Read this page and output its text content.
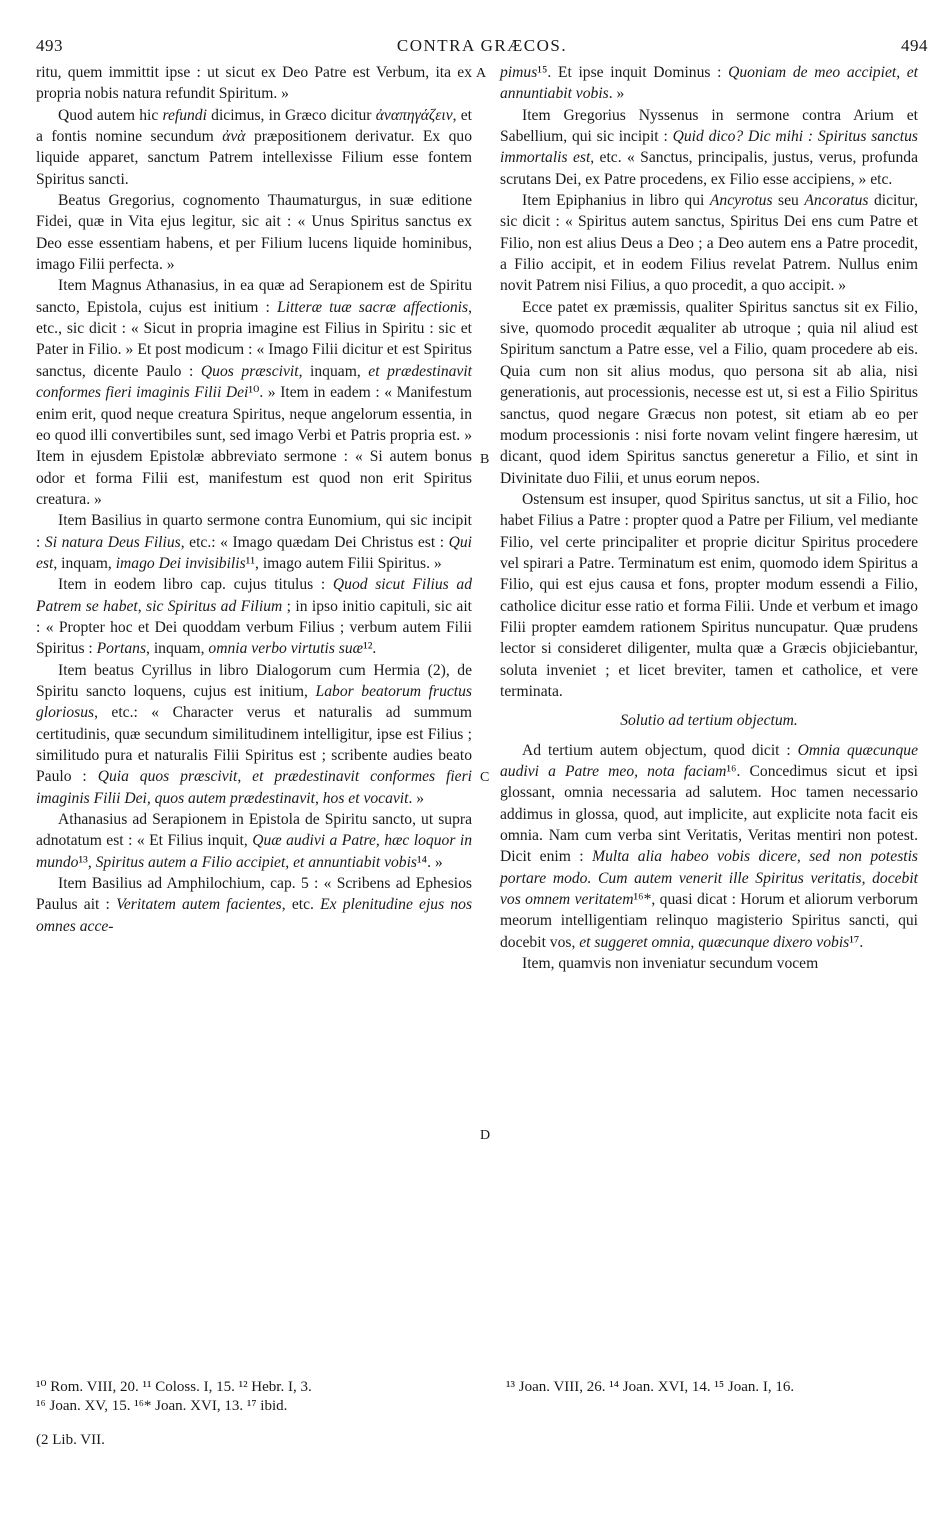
493	CONTRA GRÆCOS.	494
A
B
C
D

ritu, quem immittit ipse : ut sicut ex Deo Patre est Verbum, ita ex propria nobis natura refundit Spiritum. »

Quod autem hic refundi dicimus, in Græco dicitur ἀναπηγάζειν, et a fontis nomine secundum ἀνὰ præpositionem derivatur. Ex quo liquide apparet, sanctum Patrem intellexisse Filium esse fontem Spiritus sancti.

Beatus Gregorius, cognomento Thaumaturgus, in suæ editione Fidei, quæ in Vita ejus legitur, sic ait : « Unus Spiritus sanctus ex Deo esse essentiam habens, et per Filium lucens liquide hominibus, imago Filii perfecta. »

Item Magnus Athanasius, in ea quæ ad Serapionem est de Spiritu sancto, Epistola, cujus est initium : Litteræ tuæ sacræ affectionis, etc., sic dicit : « Sicut in propria imagine est Filius in Spiritu : sic et Pater in Filio. » Et post modicum : « Imago Filii dicitur et est Spiritus sanctus, dicente Paulo : Quos præscivit, inquam, et prædestinavit conformes fieri imaginis Filii Dei¹⁰. » Item in eadem : « Manifestum enim erit, quod neque creatura Spiritus, neque angelorum essentia, in eo quod illi convertibiles sunt, sed imago Verbi et Patris propria est. » Item in ejusdem Epistolæ abbreviato sermone : « Si autem bonus odor et forma Filii est, manifestum est quod non erit Spiritus creatura. »

Item Basilius in quarto sermone contra Eunomium, qui sic incipit : Si natura Deus Filius, etc.: « Imago quædam Dei Christus est : Qui est, inquam, imago Dei invisibilis¹¹, imago autem Filii Spiritus. »

Item in eodem libro cap. cujus titulus : Quod sicut Filius ad Patrem se habet, sic Spiritus ad Filium ; in ipso initio capituli, sic ait : « Propter hoc et Dei quoddam verbum Filius ; verbum autem Filii Spiritus : Portans, inquam, omnia verbo virtutis suæ¹².

Item beatus Cyrillus in libro Dialogorum cum Hermia (2), de Spiritu sancto loquens, cujus est initium, Labor beatorum fructus gloriosus, etc.: « Character verus et naturalis ad summum certitudinis, quæ secundum similitudinem intelligitur, ipse est Filius ; similitudo pura et naturalis Filii Spiritus est ; scribente audies beato Paulo : Quia quos præscivit, et prædestinavit conformes fieri imaginis Filii Dei, quos autem prædestinavit, hos et vocavit. »

Athanasius ad Serapionem in Epistola de Spiritu sancto, ut supra adnotatum est : « Et Filius inquit, Quæ audivi a Patre, hæc loquor in mundo¹³, Spiritus autem a Filio accipiet, et annuntiabit vobis¹⁴. »

Item Basilius ad Amphilochium, cap. 5 : « Scribens ad Ephesios Paulus ait : Veritatem autem facientes, etc. Ex plenitudine ejus nos omnes acce-

pimus¹⁵. Et ipse inquit Dominus : Quoniam de meo accipiet, et annuntiabit vobis. »

Item Gregorius Nyssenus in sermone contra Arium et Sabellium, qui sic incipit : Quid dico? Dic mihi : Spiritus sanctus immortalis est, etc. « Sanctus, principalis, justus, verus, profunda scrutans Dei, ex Patre procedens, ex Filio esse accipiens, » etc.

Item Epiphanius in libro qui Ancyrotus seu Ancoratus dicitur, sic dicit : « Spiritus autem sanctus, Spiritus Dei ens cum Patre et Filio, non est alius Deus a Deo ; a Deo autem ens a Patre procedit, a Filio accipit, et in eodem Filius revelat Patrem. Nullus enim novit Patrem nisi Filius, a quo procedit, a quo accipit. »

Ecce patet ex præmissis, qualiter Spiritus sanctus sit ex Filio, sive, quomodo procedit æqualiter ab utroque ; quia nil aliud est Spiritum sanctum a Patre esse, vel a Filio, quam procedere ab eis. Quia cum non sit alius modus, quo persona sit ab alia, nisi generationis, aut processionis, necesse est ut, si est a Filio Spiritus sanctus, quod negare Græcus non potest, sit etiam ab eo per modum processionis : nisi forte novam velint fingere hæresim, ut dicant, quod idem Spiritus sanctus generetur a Filio, et sint in Divinitate duo Filii, et unus eorum nepos.

Ostensum est insuper, quod Spiritus sanctus, ut sit a Filio, hoc habet Filius a Patre : propter quod a Patre per Filium, vel mediante Filio, vel certe principaliter et proprie dicitur Spiritus procedere vel spirari a Patre. Terminatum est enim, quomodo idem Spiritus a Filio, qui est ejus causa et fons, propter modum essendi a Filio, catholice dicitur esse ratio et forma Filii. Unde et verbum et imago Filii propter eamdem rationem Spiritus nuncupatur. Quæ prudens lector si consideret diligenter, multa quæ a Græcis objiciebantur, soluta inveniet ; et licet breviter, tamen et catholice, et vere terminata.

Solutio ad tertium objectum.

Ad tertium autem objectum, quod dicit : Omnia quæcunque audivi a Patre meo, nota faciam¹⁶. Concedimus sicut et ipsi glossant, omnia necessaria ad salutem. Hoc tamen necessario addimus in glossa, quod, aut implicite, aut explicite nota facit eis omnia. Nam cum verba sint Veritatis, Veritas mentiri non potest. Dicit enim : Multa alia habeo vobis dicere, sed non potestis portare modo. Cum autem venerit ille Spiritus veritatis, docebit vos omnem veritatem¹⁶*, quasi dicat : Horum et aliorum verborum meorum intelligentiam relinquo magisterio Spiritus sancti, qui docebit vos, et suggeret omnia, quæcunque dixero vobis¹⁷.

Item, quamvis non inveniatur secundum vocem

¹⁰ Rom. VIII, 20. ¹¹ Coloss. I, 15. ¹² Hebr. I, 3.
¹⁶ Joan. XV, 15. ¹⁶* Joan. XVI, 13. ¹⁷ ibid.
¹³ Joan. VIII, 26. ¹⁴ Joan. XVI, 14. ¹⁵ Joan. I, 16.
(2 Lib. VII.
